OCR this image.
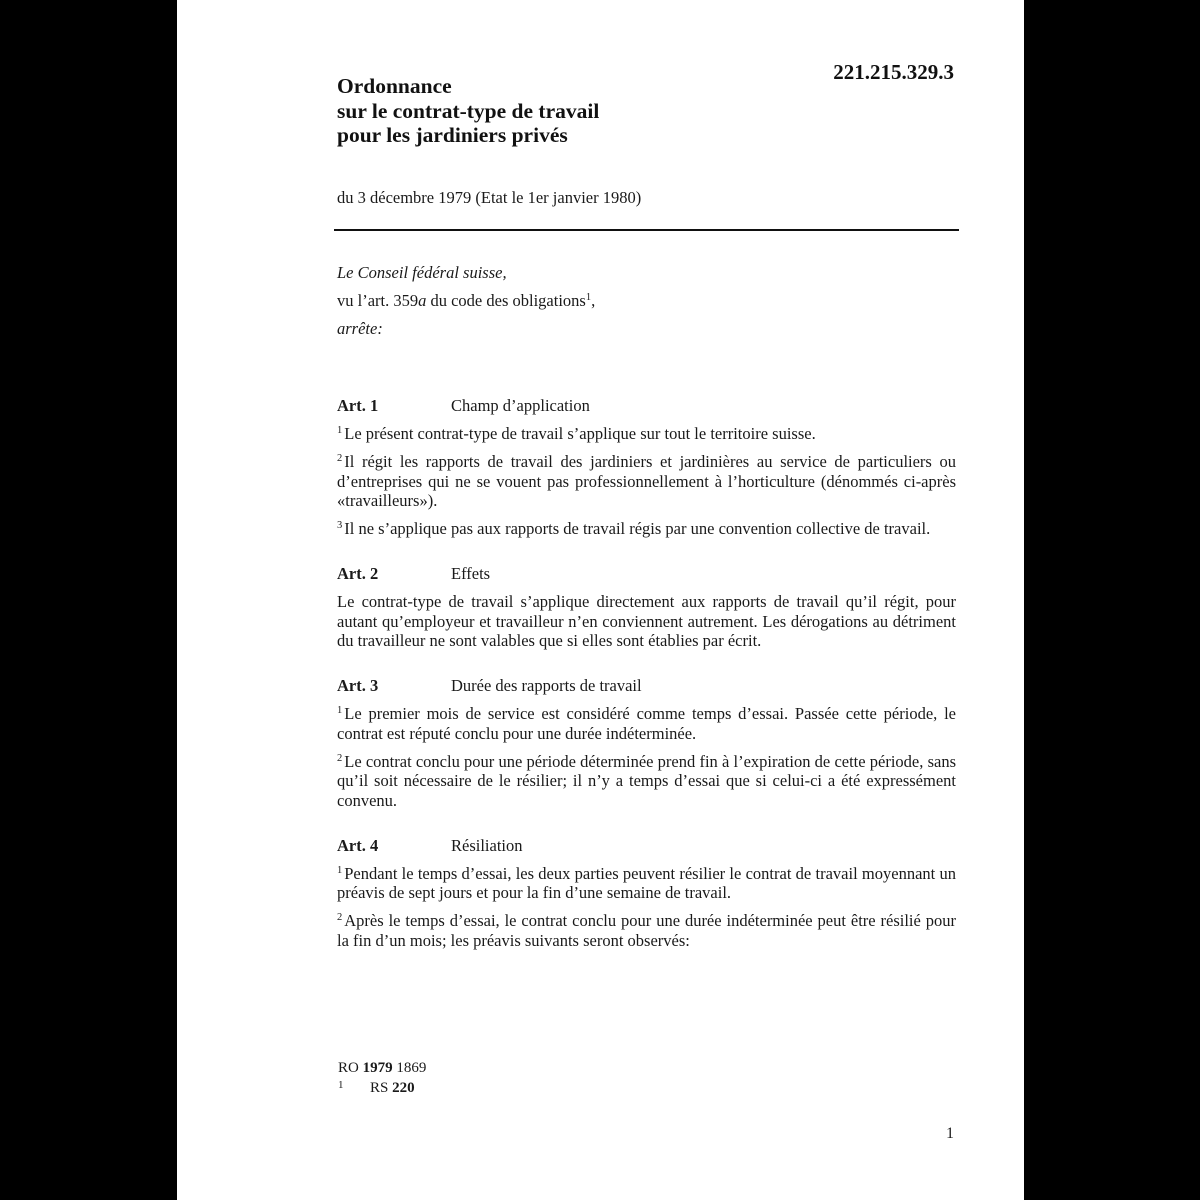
221.215.329.3
Ordonnance
sur le contrat-type de travail
pour les jardiniers privés
du 3 décembre 1979 (Etat le 1er janvier 1980)
Le Conseil fédéral suisse,
vu l’art. 359a du code des obligations$^1$,
arrête:
Art. 1	Champ d’application

$^1$ Le présent contrat-type de travail s’applique sur tout le territoire suisse.

$^2$ Il régit les rapports de travail des jardiniers et jardinières au service de particuliers ou d’entreprises qui ne se vouent pas professionnellement à l’horticulture (dénommés ci-après «travailleurs»).

$^3$ Il ne s’applique pas aux rapports de travail régis par une convention collective de travail.

Art. 2	Effets

Le contrat-type de travail s’applique directement aux rapports de travail qu’il régit, pour autant qu’employeur et travailleur n’en conviennent autrement. Les dérogations au détriment du travailleur ne sont valables que si elles sont établies par écrit.

Art. 3	Durée des rapports de travail

$^1$ Le premier mois de service est considéré comme temps d’essai. Passée cette période, le contrat est réputé conclu pour une durée indéterminée.

$^2$ Le contrat conclu pour une période déterminée prend fin à l’expiration de cette période, sans qu’il soit nécessaire de le résilier; il n’y a temps d’essai que si celui-ci a été expressément convenu.

Art. 4	Résiliation

$^1$ Pendant le temps d’essai, les deux parties peuvent résilier le contrat de travail moyennant un préavis de sept jours et pour la fin d’une semaine de travail.

$^2$ Après le temps d’essai, le contrat conclu pour une durée indéterminée peut être résilié pour la fin d’un mois; les préavis suivants seront observés:

RO 1979 1869
1	RS 220
1
